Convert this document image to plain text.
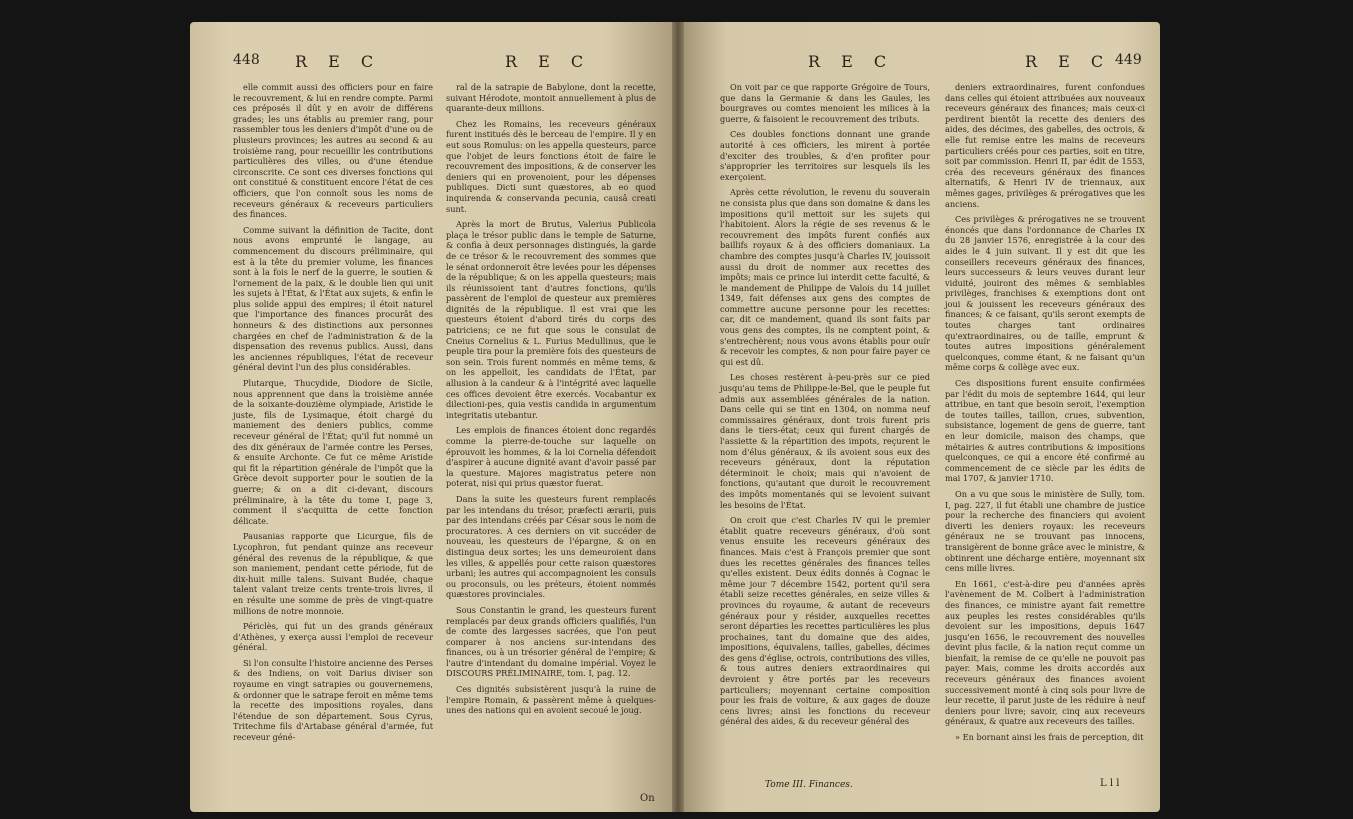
448 R E C	R E C

elle commit aussi des officiers pour en faire le recouvrement, & lui en rendre compte. Parmi ces préposés il dût y en avoir de différens grades; les uns établis au premier rang, pour rassembler tous les deniers d'impôt d'une ou de plusieurs provinces; les autres au second & au troisième rang, pour recueillir les contributions particulières des villes, ou d'une étendue circonscrite. Ce sont ces diverses fonctions qui ont constitué & constituent encore l'état de ces officiers, que l'on connoît sous les noms de receveurs généraux & receveurs particuliers des finances.

Comme suivant la définition de Tacite, dont nous avons emprunté le langage, au commencement du discours préliminaire, qui est à la tête du premier volume, les finances sont à la fois le nerf de la guerre, le soutien & l'ornement de la paix, & le double lien qui unit les sujets à l'État, & l'État aux sujets, & enfin le plus solide appui des empires; il étoit naturel que l'importance des finances procurât des honneurs & des distinctions aux personnes chargées en chef de l'administration & de la dispensation des revenus publics. Aussi, dans les anciennes républiques, l'état de receveur général devint l'un des plus considérables.

Plutarque, Thucydide, Diodore de Sicile, nous apprennent que dans la troisième année de la soixante-douzième olympiade, Aristide le juste, fils de Lysimaque, étoit chargé du maniement des deniers publics, comme receveur général de l'État; qu'il fut nommé un des dix généraux de l'armée contre les Perses, & ensuite Archonte. Ce fut ce même Aristide qui fit la répartition générale de l'impôt que la Grèce devoit supporter pour le soutien de la guerre; & on a dit ci-devant, discours préliminaire, à la tête du tome I, page 3, comment il s'acquitta de cette fonction délicate.

Pausanias rapporte que Licurgue, fils de Lycophron, fut pendant quinze ans receveur général des revenus de la république, & que son maniement, pendant cette période, fut de dix-huit mille talens. Suivant Budée, chaque talent valant treize cents trente-trois livres, il en résulte une somme de près de vingt-quatre millions de notre monnoie.

Périclès, qui fut un des grands généraux d'Athènes, y exerça aussi l'emploi de receveur général.

Si l'on consulte l'histoire ancienne des Perses & des Indiens, on voit Darius diviser son royaume en vingt satrapies ou gouvernemens, & ordonner que le satrape feroit en même tems la recette des impositions royales, dans l'étendue de son département. Sous Cyrus, Tritechme fils d'Artabase général d'armée, fut receveur géné-

ral de la satrapie de Babylone, dont la recette, suivant Hérodote, montoit annuellement à plus de quarante-deux millions.

Chez les Romains, les receveurs généraux furent institués dès le berceau de l'empire. Il y en eut sous Romulus: on les appella questeurs, parce que l'objet de leurs fonctions étoit de faire le recouvrement des impositions, & de conserver les deniers qui en provenoient, pour les dépenses publiques. Dicti sunt quæstores, ab eo quod inquirenda & conservanda pecunia, causâ creati sunt.

Après la mort de Brutus, Valerius Publicola plaça le trésor public dans le temple de Saturne, & confia à deux personnages distingués, la garde de ce trésor & le recouvrement des sommes que le sénat ordonneroit être levées pour les dépenses de la république; & on les appella questeurs; mais ils réunissoient tant d'autres fonctions, qu'ils passèrent de l'emploi de questeur aux premières dignités de la république. Il est vrai que les questeurs étoient d'abord tirés du corps des patriciens; ce ne fut que sous le consulat de Cneius Cornelius & L. Furius Medullinus, que le peuple tira pour la première fois des questeurs de son sein. Trois furent nommés en même tems, & on les appelloit, les candidats de l'État, par allusion à la candeur & à l'intégrité avec laquelle ces offices devoient être exercés. Vocabantur ex dilectioni-pes, quia vestis candida in argumentum integritatis utebantur.

Les emplois de finances étoient donc regardés comme la pierre-de-touche sur laquelle on éprouvoit les hommes, & la loi Cornelia défendoit d'aspirer à aucune dignité avant d'avoir passé par la questure. Majores magistratus petere non poterat, nisi qui prius quæstor fuerat.

Dans la suite les questeurs furent remplacés par les intendans du trésor, præfecti ærarii, puis par des intendans créés par César sous le nom de procuratores. À ces derniers on vit succéder de nouveau, les questeurs de l'épargne, & on en distingua deux sortes; les uns demeuroient dans les villes, & appellés pour cette raison quæstores urbani; les autres qui accompagnoient les consuls ou proconsuls, ou les préteurs, étoient nommés quæstores provinciales.

Sous Constantin le grand, les questeurs furent remplacés par deux grands officiers qualifiés, l'un de comte des largesses sacrées, que l'on peut comparer à nos anciens sur-intendans des finances, ou à un trésorier général de l'empire; & l'autre d'intendant du domaine impérial. Voyez le DISCOURS PRÉLIMINAIRE, tom. I, pag. 12.

Ces dignités subsistèrent jusqu'à la ruine de l'empire Romain, & passèrent même à quelques-unes des nations qui en avoient secoué le joug.

On
R E C	R E C 449

On voit par ce que rapporte Grégoire de Tours, que dans la Germanie & dans les Gaules, les bourgraves ou comtes menoient les milices à la guerre, & faisoient le recouvrement des tributs.

Ces doubles fonctions donnant une grande autorité à ces officiers, les mirent à portée d'exciter des troubles, & d'en profiter pour s'approprier les territoires sur lesquels ils les exerçoient.

Après cette révolution, le revenu du souverain ne consista plus que dans son domaine & dans les impositions qu'il mettoit sur les sujets qui l'habitoient. Alors la régie de ses revenus & le recouvrement des impôts furent confiés aux baillifs royaux & à des officiers domaniaux. La chambre des comptes jusqu'à Charles IV, jouissoit aussi du droit de nommer aux recettes des impôts; mais ce prince lui interdit cette faculté, & le mandement de Philippe de Valois du 14 juillet 1349, fait défenses aux gens des comptes de commettre aucune personne pour les recettes: car, dit ce mandement, quand ils sont faits par vous gens des comptes, ils ne comptent point, & s'entrechèrent; nous vous avons établis pour ouïr & recevoir les comptes, & non pour faire payer ce qui est dû.

Les choses restèrent à-peu-près sur ce pied jusqu'au tems de Philippe-le-Bel, que le peuple fut admis aux assemblées générales de la nation. Dans celle qui se tint en 1304, on nomma neuf commissaires généraux, dont trois furent pris dans le tiers-état; ceux qui furent chargés de l'assiette & la répartition des impots, reçurent le nom d'élus généraux, & ils avoient sous eux des receveurs généraux, dont la réputation déterminoit le choix; mais qui n'avoient de fonctions, qu'autant que duroit le recouvrement des impôts momentanés qui se levoient suivant les besoins de l'État.

On croit que c'est Charles IV qui le premier établit quatre receveurs généraux, d'où sont venus ensuite les receveurs généraux des finances. Mais c'est à François premier que sont dues les recettes générales des finances telles qu'elles existent. Deux édits donnés à Cognac le même jour 7 décembre 1542, portent qu'il sera établi seize recettes générales, en seize villes & provinces du royaume, & autant de receveurs généraux pour y résider, auxquelles recettes seront départies les recettes particulières les plus prochaines, tant du domaine que des aides, impositions, équivalens, tailles, gabelles, décimes des gens d'église, octrois, contributions des villes, & tous autres deniers extraordinaires qui devroient y être portés par les receveurs particuliers; moyennant certaine composition pour les frais de voiture, & aux gages de douze cens livres; ainsi les fonctions du receveur général des aides, & du receveur général des

deniers extraordinaires, furent confondues dans celles qui étoient attribuées aux nouveaux receveurs généraux des finances; mais ceux-ci perdirent bientôt la recette des deniers des aides, des décimes, des gabelles, des octrois, & elle fut remise entre les mains de receveurs particuliers créés pour ces parties, soit en titre, soit par commission. Henri II, par édit de 1553, créa des receveurs généraux des finances alternatifs, & Henri IV de triennaux, aux mêmes gages, privilèges & prérogatives que les anciens.

Ces privilèges & prérogatives ne se trouvent énoncés que dans l'ordonnance de Charles IX du 28 janvier 1576, enregistrée à la cour des aides le 4 juin suivant. Il y est dit que les conseillers receveurs généraux des finances, leurs successeurs & leurs veuves durant leur viduité, jouiront des mêmes & semblables privilèges, franchises & exemptions dont ont joui & jouissent les receveurs généraux des finances; & ce faisant, qu'ils seront exempts de toutes charges tant ordinaires qu'extraordinaires, ou de taille, emprunt & toutes autres impositions généralement quelconques, comme étant, & ne faisant qu'un même corps & collège avec eux.

Ces dispositions furent ensuite confirmées par l'édit du mois de septembre 1644, qui leur attribue, en tant que besoin seroit, l'exemption de toutes tailles, taillon, crues, subvention, subsistance, logement de gens de guerre, tant en leur domicile, maison des champs, que métairies & autres contributions & impositions quelconques, ce qui a encore été confirmé au commencement de ce siècle par les édits de mai 1707, & janvier 1710.

On a vu que sous le ministère de Sully, tom. I, pag. 227, il fut établi une chambre de justice pour la recherche des financiers qui avoient diverti les deniers royaux: les receveurs généraux ne se trouvant pas innocens, transigèrent de bonne grâce avec le ministre, & obtinrent une décharge entière, moyennant six cens mille livres.

En 1661, c'est-à-dire peu d'années après l'avènement de M. Colbert à l'administration des finances, ce ministre ayant fait remettre aux peuples les restes considérables qu'ils devoient sur les impositions, depuis 1647 jusqu'en 1656, le recouvrement des nouvelles devint plus facile, & la nation reçut comme un bienfait, la remise de ce qu'elle ne pouvoit pas payer. Mais, comme les droits accordés aux receveurs généraux des finances avoient successivement monté à cinq sols pour livre de leur recette, il parut juste de les réduire à neuf deniers pour livre; savoir, cinq aux receveurs généraux, & quatre aux receveurs des tailles.

» En bornant ainsi les frais de perception, dit

Tome III. Finances.	L l l
